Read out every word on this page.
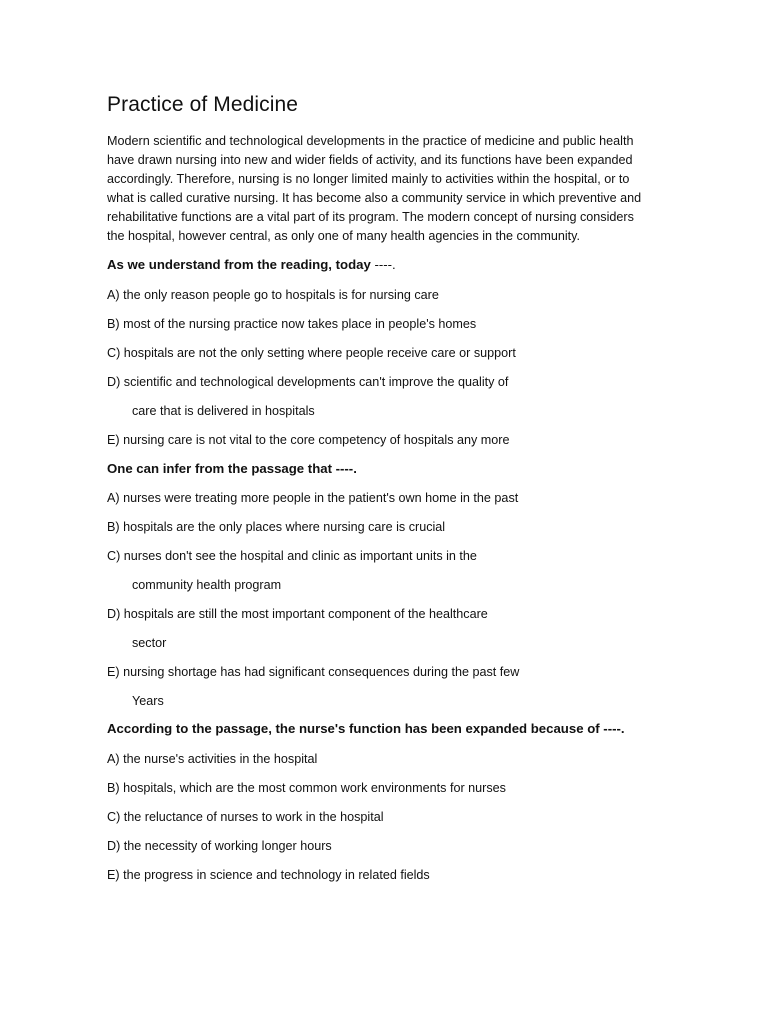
Practice of Medicine

Modern scientific and technological developments in the practice of medicine and public health have drawn nursing into new and wider fields of activity, and its functions have been expanded accordingly. Therefore, nursing is no longer limited mainly to activities within the hospital, or to what is called curative nursing. It has become also a community service in which preventive and rehabilitative functions are a vital part of its program. The modern concept of nursing considers the hospital, however central, as only one of many health agencies in the community.

As we understand from the reading, today ----.
A) the only reason people go to hospitals is for nursing care
B) most of the nursing practice now takes place in people's homes
C) hospitals are not the only setting where people receive care or support
D) scientific and technological developments can't improve the quality of
care that is delivered in hospitals
E) nursing care is not vital to the core competency of hospitals any more
One can infer from the passage that ----.
A) nurses were treating more people in the patient's own home in the past
B) hospitals are the only places where nursing care is crucial
C) nurses don't see the hospital and clinic as important units in the
community health program
D) hospitals are still the most important component of the healthcare
sector
E) nursing shortage has had significant consequences during the past few
Years
According to the passage, the nurse's function has been expanded because of ----.
A) the nurse's activities in the hospital
B) hospitals, which are the most common work environments for nurses
C) the reluctance of nurses to work in the hospital
D) the necessity of working longer hours
E) the progress in science and technology in related fields
